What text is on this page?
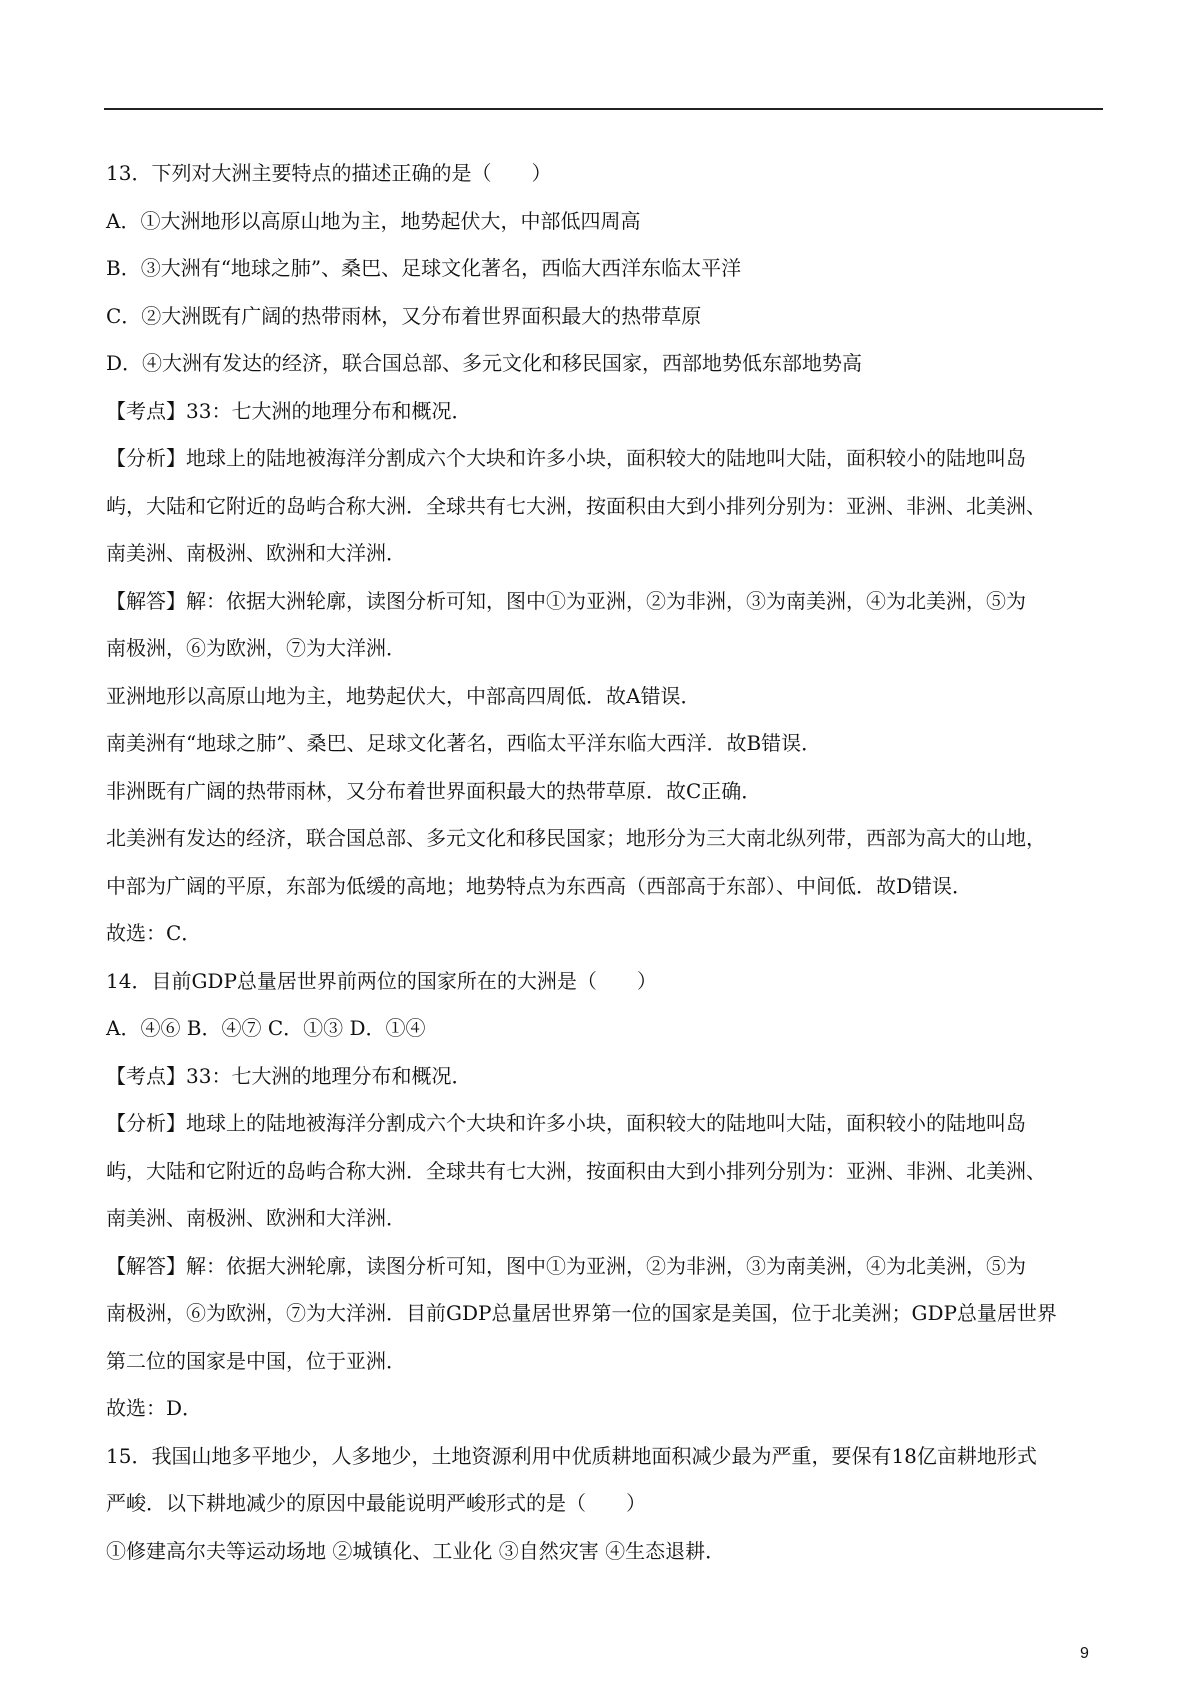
13．下列对大洲主要特点的描述正确的是（　　）
A．①大洲地形以高原山地为主，地势起伏大，中部低四周高
B．③大洲有“地球之肺”、桑巴、足球文化著名，西临大西洋东临太平洋
C．②大洲既有广阔的热带雨林，又分布着世界面积最大的热带草原
D．④大洲有发达的经济，联合国总部、多元文化和移民国家，西部地势低东部地势高
【考点】33：七大洲的地理分布和概况．
【分析】地球上的陆地被海洋分割成六个大块和许多小块，面积较大的陆地叫大陆，面积较小的陆地叫岛
屿，大陆和它附近的岛屿合称大洲．全球共有七大洲，按面积由大到小排列分别为：亚洲、非洲、北美洲、
南美洲、南极洲、欧洲和大洋洲．
【解答】解：依据大洲轮廓，读图分析可知，图中①为亚洲，②为非洲，③为南美洲，④为北美洲，⑤为
南极洲，⑥为欧洲，⑦为大洋洲．
亚洲地形以高原山地为主，地势起伏大，中部高四周低．故A错误．
南美洲有“地球之肺”、桑巴、足球文化著名，西临太平洋东临大西洋．故B错误．
非洲既有广阔的热带雨林，又分布着世界面积最大的热带草原．故C正确．
北美洲有发达的经济，联合国总部、多元文化和移民国家；地形分为三大南北纵列带，西部为高大的山地，
中部为广阔的平原，东部为低缓的高地；地势特点为东西高（西部高于东部）、中间低．故D错误．
故选：C．
14．目前GDP总量居世界前两位的国家所在的大洲是（　　）
A．④⑥ B．④⑦ C．①③ D．①④
【考点】33：七大洲的地理分布和概况．
【分析】地球上的陆地被海洋分割成六个大块和许多小块，面积较大的陆地叫大陆，面积较小的陆地叫岛
屿，大陆和它附近的岛屿合称大洲．全球共有七大洲，按面积由大到小排列分别为：亚洲、非洲、北美洲、
南美洲、南极洲、欧洲和大洋洲．
【解答】解：依据大洲轮廓，读图分析可知，图中①为亚洲，②为非洲，③为南美洲，④为北美洲，⑤为
南极洲，⑥为欧洲，⑦为大洋洲．目前GDP总量居世界第一位的国家是美国，位于北美洲；GDP总量居世界
第二位的国家是中国，位于亚洲．
故选：D．
15．我国山地多平地少，人多地少，土地资源利用中优质耕地面积减少最为严重，要保有18亿亩耕地形式
严峻．以下耕地减少的原因中最能说明严峻形式的是（　　）
①修建高尔夫等运动场地 ②城镇化、工业化 ③自然灾害 ④生态退耕．
9
